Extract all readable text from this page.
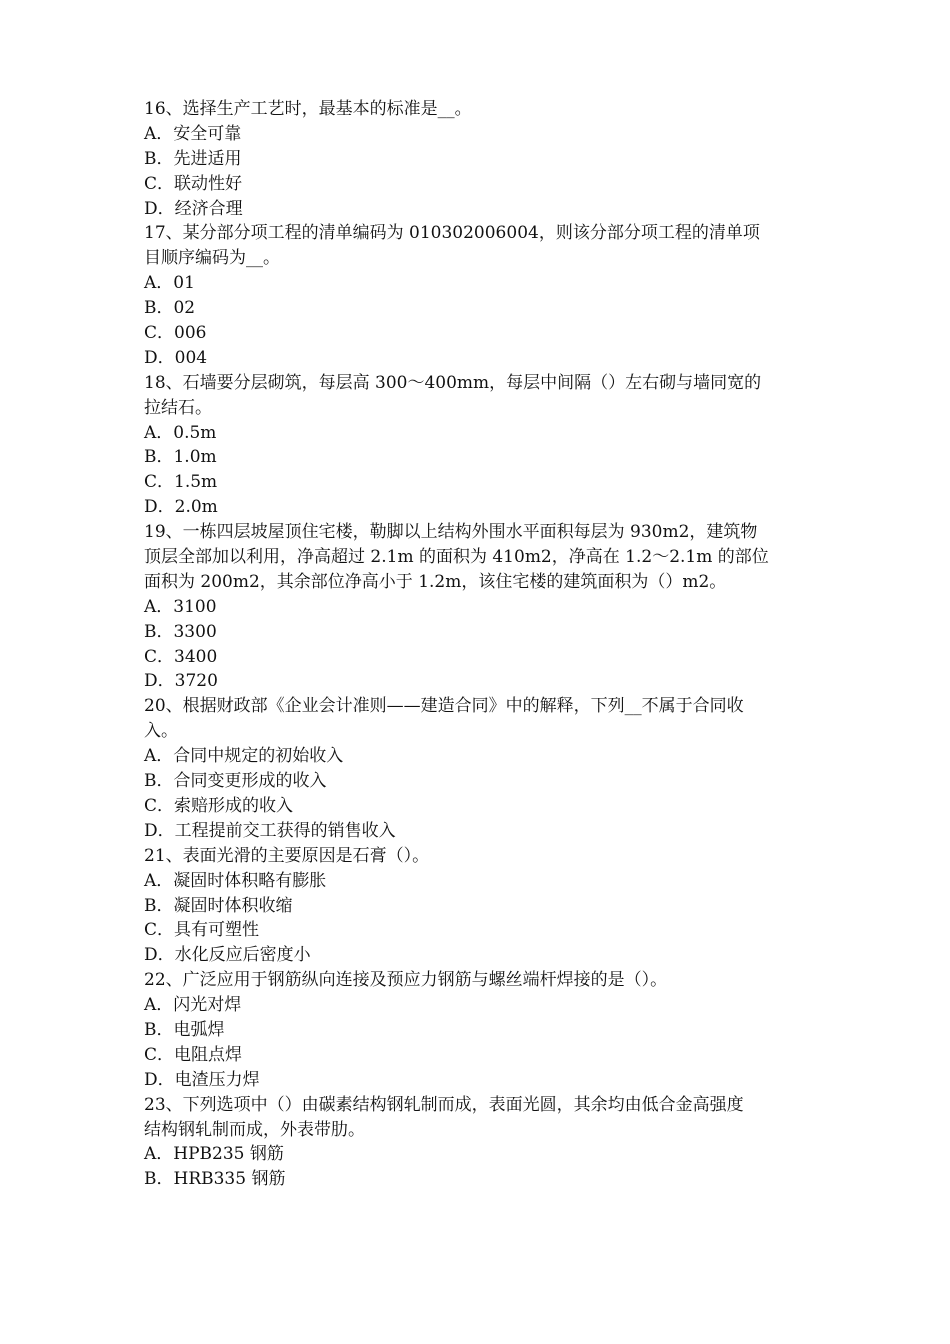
16、选择生产工艺时，最基本的标准是__。
A．安全可靠
B．先进适用
C．联动性好
D．经济合理
17、某分部分项工程的清单编码为 010302006004，则该分部分项工程的清单项
目顺序编码为__。
A．01
B．02
C．006
D．004
18、石墙要分层砌筑，每层高 300～400mm，每层中间隔（）左右砌与墙同宽的
拉结石。
A．0.5m
B．1.0m
C．1.5m
D．2.0m
19、一栋四层坡屋顶住宅楼，勒脚以上结构外围水平面积每层为 930m2，建筑物
顶层全部加以利用，净高超过 2.1m 的面积为 410m2，净高在 1.2～2.1m 的部位
面积为 200m2，其余部位净高小于 1.2m，该住宅楼的建筑面积为（）m2。
A．3100
B．3300
C．3400
D．3720
20、根据财政部《企业会计准则——建造合同》中的解释，下列__不属于合同收
入。
A．合同中规定的初始收入
B．合同变更形成的收入
C．索赔形成的收入
D．工程提前交工获得的销售收入
21、表面光滑的主要原因是石膏（）。
A．凝固时体积略有膨胀
B．凝固时体积收缩
C．具有可塑性
D．水化反应后密度小
22、广泛应用于钢筋纵向连接及预应力钢筋与螺丝端杆焊接的是（）。
A．闪光对焊
B．电弧焊
C．电阻点焊
D．电渣压力焊
23、下列选项中（）由碳素结构钢轧制而成，表面光圆，其余均由低合金高强度
结构钢轧制而成，外表带肋。
A．HPB235 钢筋
B．HRB335 钢筋
